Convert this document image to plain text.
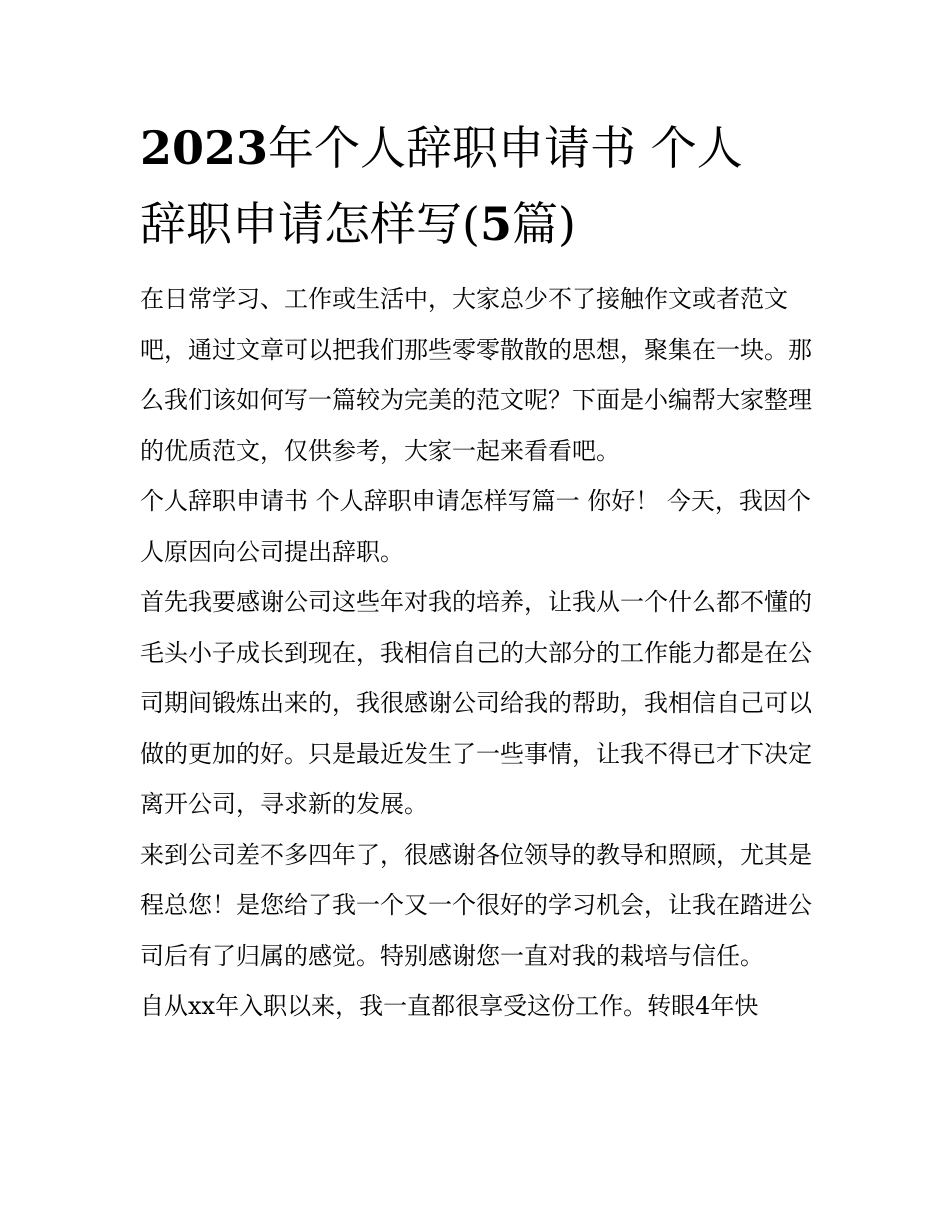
2023年个人辞职申请书 个人
辞职申请怎样写(5篇)

在日常学习、工作或生活中，大家总少不了接触作文或者范文吧，通过文章可以把我们那些零零散散的思想，聚集在一块。那么我们该如何写一篇较为完美的范文呢？下面是小编帮大家整理的优质范文，仅供参考，大家一起来看看吧。

个人辞职申请书 个人辞职申请怎样写篇一 你好！ 今天，我因个人原因向公司提出辞职。

首先我要感谢公司这些年对我的培养，让我从一个什么都不懂的毛头小子成长到现在，我相信自己的大部分的工作能力都是在公司期间锻炼出来的，我很感谢公司给我的帮助，我相信自己可以做的更加的好。只是最近发生了一些事情，让我不得已才下决定离开公司，寻求新的发展。

来到公司差不多四年了，很感谢各位领导的教导和照顾，尤其是程总您！是您给了我一个又一个很好的学习机会，让我在踏进公司后有了归属的感觉。特别感谢您一直对我的栽培与信任。

自从xx年入职以来，我一直都很享受这份工作。转眼4年快
